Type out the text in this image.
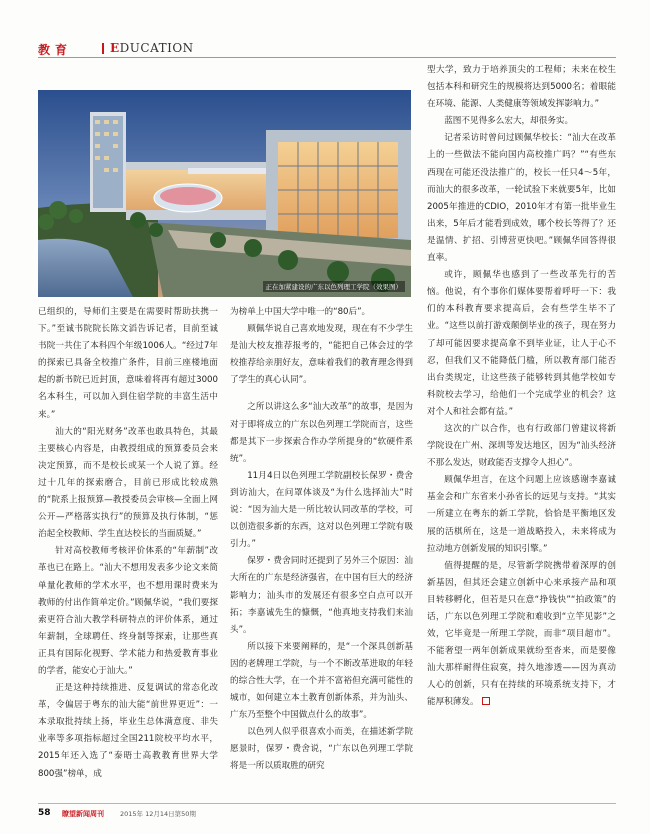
教育	EDUCATION
正在加紧建设的广东以色列理工学院（效果图）

已组织的，导师们主要是在需要时帮助扶携一下。”至诚书院院长陈文滔告诉记者，目前至诚书院一共住了本科四个年级1006人。“经过7年的探索已具备全校推广条件，目前三座楼地面起的新书院已近封顶，意味着将再有超过3000名本科生，可以加入到住宿学院的丰富生活中来。”

汕大的“阳光财务”改革也敢具特色，其最主要核心内容是，由教授组成的预算委员会来决定预算，而不是校长或某一个人说了算。经过十几年的探索磨合，目前已形成比较成熟的“院系上报预算—教授委员会审核—全面上网公开—严格落实执行”的预算及执行体制，“惩治起全校教师、学生直达校长的当面质疑。”

针对高校教师考核评价体系的“年薪制”改革也已在路上。“汕大不想用发表多少论文来简单量化教师的学术水平，也不想用课时费来为教师的付出作简单定价。”顾佩华说，“我们要探索更符合汕大教学科研特点的评价体系，通过年薪制，全球聘任、终身制等探索，让那些真正具有国际化视野、学术能力和热爱教育事业的学者，能安心于汕大。”

正是这种持续推进、反复调试的常态化改革，令偏居于粤东的汕大能“前世界更近”：一本录取批持续上扬，毕业生总体满意度、非失业率等多项指标超过全国211院校平均水平，2015年还入选了“泰晤士高教教育世界大学800强”榜单，成

为榜单上中国大学中唯一的“80后”。

顾佩华说自己喜欢地发现，现在有不少学生是汕大校友推荐报考的，“能把自己体会过的学校推荐给亲朋好友，意味着我们的教育理念得到了学生的真心认同”。

之所以讲这么多“汕大改革”的故事，是因为对于即将成立的广东以色列理工学院而言，这些都是其下一步探索合作办学所提身的“软硬件系统”。

11月4日以色列理工学院副校长保罗・费舍到访汕大，在问罩体谈及“为什么选择汕大”时说：“因为汕大是一所比较认同改革的学校，可以创造很多新的东西，这对以色列理工学院有吸引力。”

保罗・费舍同时还提到了另外三个原因：汕大所在的广东是经济强省，在中国有巨大的经济影响力；汕头市的发展还有很多空白点可以开拓；李嘉诚先生的慷慨，“他真地支持我们来汕头”。

所以接下来要阐释的，是“一个深具创新基因的老牌理工学院，与一个不断改革进取的年轻的综合性大学，在一个并不富裕但充满可能性的城市，如何建立本土教育创新体系，并为汕头、广东乃至整个中国做点什么的故事”。

以色列人似乎很喜欢小而美，在描述新学院愿景时，保罗・费舍说，“广东以色列理工学院将是一所以质取胜的研究

型大学，致力于培养顶尖的工程师；未来在校生包括本科和研究生的规模将达到5000名；着眼能在环境、能源、人类健康等领域发挥影响力。”

蓝图不见得多么宏大，却很务实。

记者采访时曾问过顾佩华校长：“汕大在改革上的一些做法不能向国内高校推广吗？”“有些东西现在可能还没法推广的，校长一任只4～5年，而汕大的很多改革，一轮试验下来就要5年，比如2005年推进的CDIO，2010年才有第一批毕业生出来，5年后才能看到成效，哪个校长等得了？还是温情、扩招、引博营更快吧。”顾佩华回答得很直率。

或许，顾佩华也感到了一些改革先行的苦恼。他说，有个事你们媒体要帮着呼吁一下：我们的本科教育要求提高后，会有些学生毕不了业。“这些以前打游戏颠倒毕业的孩子，现在努力了却可能因要求提高拿不到毕业证，让人于心不忍，但我们又不能降低门槛，所以教育部门能否出台类规定，让这些孩子能够转到其他学校如专科院校去学习，给他们一个完成学业的机会？这对个人和社会都有益。”

这次的广以合作，也有行政部门曾建议将新学院设在广州、深圳等发达地区，因为“汕头经济不那么发达，财政能否支撑令人担心”。

顾佩华坦言，在这个问题上应该感谢李嘉诚基金会和广东省来小孙省长的远见与支持。“其实一所建立在粤东的新工学院，恰恰是平衡地区发展的活棋所在，这是一道战略投入，未来将成为拉动地方创新发展的知识引擎。”

值得提醒的是，尽管新学院携带着深厚的创新基因，但其还会建立创新中心来承接产品和项目转移孵化，但若是只在意“挣钱快”“拍政策”的话，广东以色列理工学院和难收到“立竿见影”之效，它毕竟是一所理工学院，而非“项目超市”。不能奢望一两年创新成果就纷至沓来，而是要像汕大那样耐得住寂寞，持久地渗透——因为真动人心的创新，只有在持续的环境系统支持下，才能厚积薄发。

58 瞭望新闻周刊 2015年 12月14日第50期
